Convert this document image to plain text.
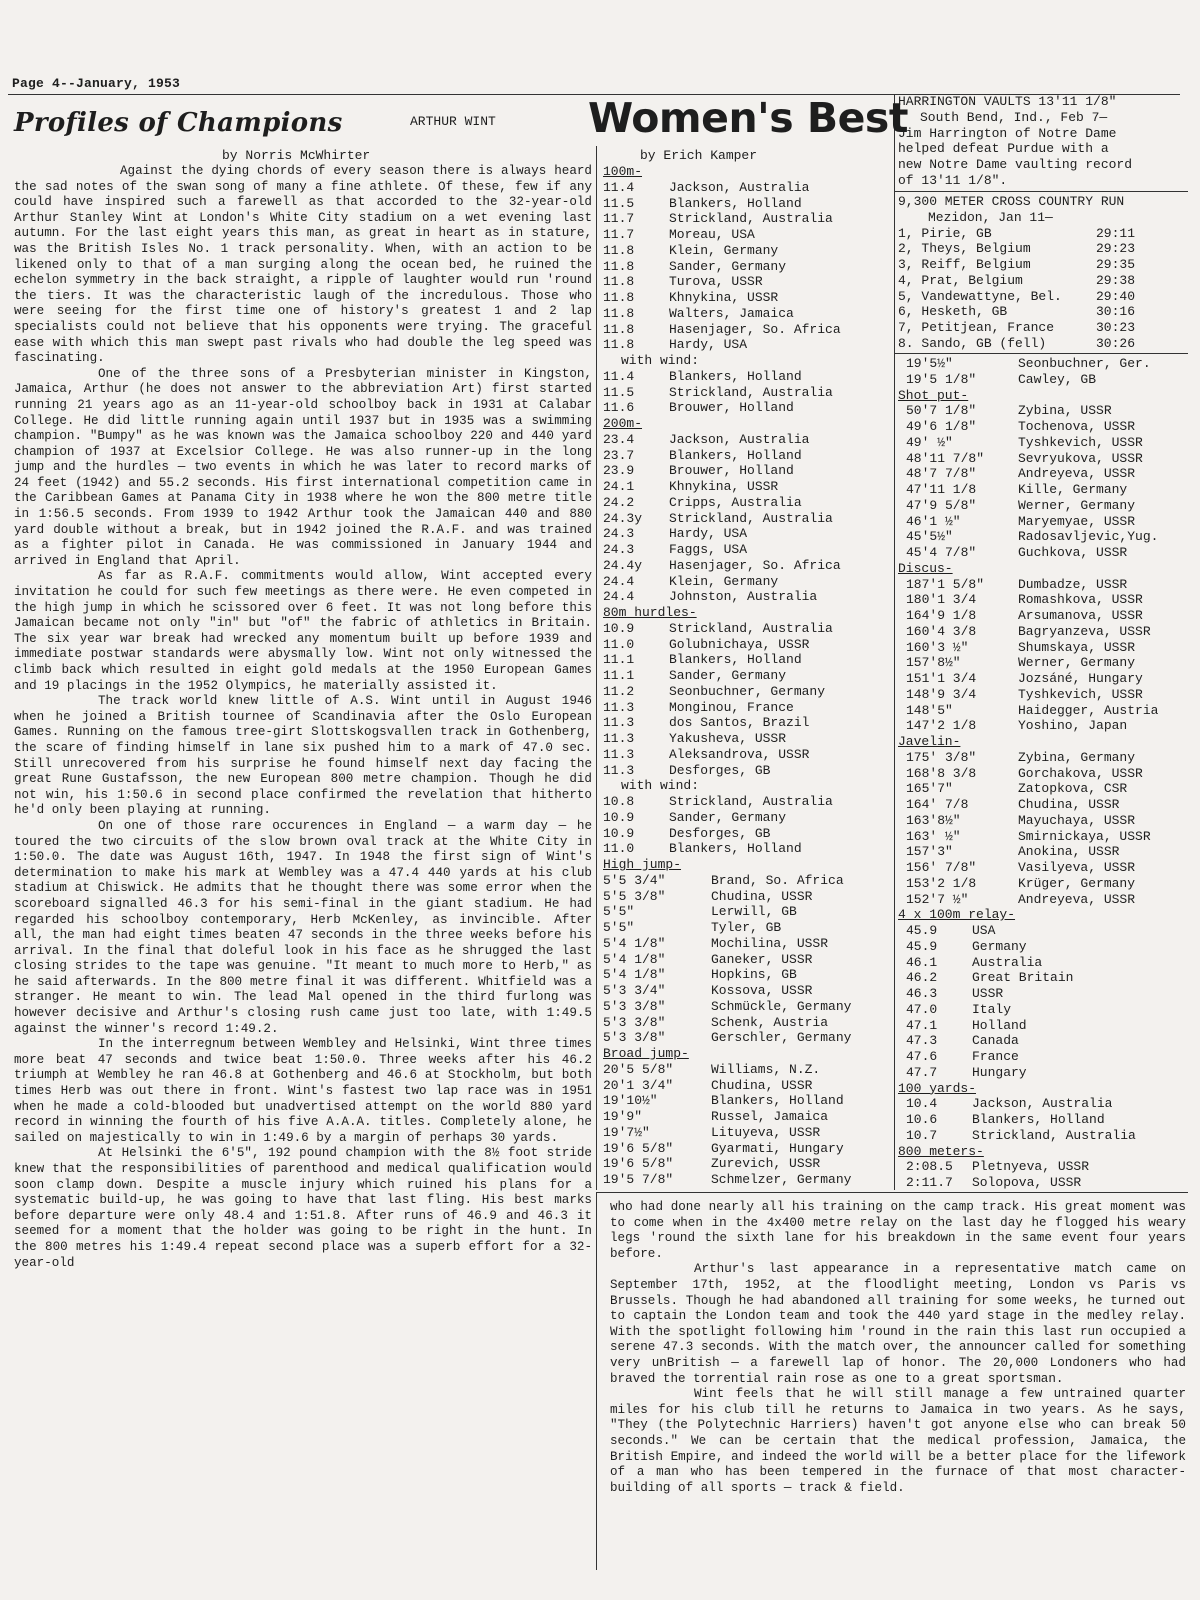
Page 4--January, 1953
Profiles of Champions	ARTHUR WINT
by Norris McWhirter

Against the dying chords of every season there is always heard the sad notes of the swan song of many a fine athlete. Of these, few if any could have inspired such a farewell as that accorded to the 32-year-old Arthur Stanley Wint at London's White City stadium on a wet evening last autumn. For the last eight years this man, as great in heart as in stature, was the British Isles No. 1 track personality. When, with an action to be likened only to that of a man surging along the ocean bed, he ruined the echelon symmetry in the back straight, a ripple of laughter would run 'round the tiers. It was the characteristic laugh of the incredulous. Those who were seeing for the first time one of history's greatest 1 and 2 lap specialists could not believe that his opponents were trying. The graceful ease with which this man swept past rivals who had double the leg speed was fascinating.

One of the three sons of a Presbyterian minister in Kingston, Jamaica, Arthur (he does not answer to the abbreviation Art) first started running 21 years ago as an 11-year-old schoolboy back in 1931 at Calabar College. He did little running again until 1937 but in 1935 was a swimming champion. "Bumpy" as he was known was the Jamaica schoolboy 220 and 440 yard champion of 1937 at Excelsior College. He was also runner-up in the long jump and the hurdles — two events in which he was later to record marks of 24 feet (1942) and 55.2 seconds. His first international competition came in the Caribbean Games at Panama City in 1938 where he won the 800 metre title in 1:56.5 seconds. From 1939 to 1942 Arthur took the Jamaican 440 and 880 yard double without a break, but in 1942 joined the R.A.F. and was trained as a fighter pilot in Canada. He was commissioned in January 1944 and arrived in England that April.

As far as R.A.F. commitments would allow, Wint accepted every invitation he could for such few meetings as there were. He even competed in the high jump in which he scissored over 6 feet. It was not long before this Jamaican became not only "in" but "of" the fabric of athletics in Britain. The six year war break had wrecked any momentum built up before 1939 and immediate postwar standards were abysmally low. Wint not only witnessed the climb back which resulted in eight gold medals at the 1950 European Games and 19 placings in the 1952 Olympics, he materially assisted it.

The track world knew little of A.S. Wint until in August 1946 when he joined a British tournee of Scandinavia after the Oslo European Games. Running on the famous tree-girt Slottskogsvallen track in Gothenberg, the scare of finding himself in lane six pushed him to a mark of 47.0 sec. Still unrecovered from his surprise he found himself next day facing the great Rune Gustafsson, the new European 800 metre champion. Though he did not win, his 1:50.6 in second place confirmed the revelation that hitherto he'd only been playing at running.

On one of those rare occurences in England — a warm day — he toured the two circuits of the slow brown oval track at the White City in 1:50.0. The date was August 16th, 1947. In 1948 the first sign of Wint's determination to make his mark at Wembley was a 47.4 440 yards at his club stadium at Chiswick. He admits that he thought there was some error when the scoreboard signalled 46.3 for his semi-final in the giant stadium. He had regarded his schoolboy contemporary, Herb McKenley, as invincible. After all, the man had eight times beaten 47 seconds in the three weeks before his arrival. In the final that doleful look in his face as he shrugged the last closing strides to the tape was genuine. "It meant to much more to Herb," as he said afterwards. In the 800 metre final it was different. Whitfield was a stranger. He meant to win. The lead Mal opened in the third furlong was however decisive and Arthur's closing rush came just too late, with 1:49.5 against the winner's record 1:49.2.

In the interregnum between Wembley and Helsinki, Wint three times more beat 47 seconds and twice beat 1:50.0. Three weeks after his 46.2 triumph at Wembley he ran 46.8 at Gothenberg and 46.6 at Stockholm, but both times Herb was out there in front. Wint's fastest two lap race was in 1951 when he made a cold-blooded but unadvertised attempt on the world 880 yard record in winning the fourth of his five A.A.A. titles. Completely alone, he sailed on majestically to win in 1:49.6 by a margin of perhaps 30 yards.

At Helsinki the 6'5", 192 pound champion with the 8½ foot stride knew that the responsibilities of parenthood and medical qualification would soon clamp down. Despite a muscle injury which ruined his plans for a systematic build-up, he was going to have that last fling. His best marks before departure were only 48.4 and 1:51.8. After runs of 46.9 and 46.3 it seemed for a moment that the holder was going to be right in the hunt. In the 800 metres his 1:49.4 repeat second place was a superb effort for a 32-year-old

Women's Best
by Erich Kamper
100m-
11.4	Jackson, Australia
11.5	Blankers, Holland
11.7	Strickland, Australia
11.7	Moreau, USA
11.8	Klein, Germany
11.8	Sander, Germany
11.8	Turova, USSR
11.8	Khnykina, USSR
11.8	Walters, Jamaica
11.8	Hasenjager, So. Africa
11.8	Hardy, USA
with wind:
11.4	Blankers, Holland
11.5	Strickland, Australia
11.6	Brouwer, Holland
200m-
23.4	Jackson, Australia
23.7	Blankers, Holland
23.9	Brouwer, Holland
24.1	Khnykina, USSR
24.2	Cripps, Australia
24.3y Strickland, Australia
24.3	Hardy, USA
24.3	Faggs, USA
24.4y Hasenjager, So. Africa
24.4	Klein, Germany
24.4	Johnston, Australia
80m hurdles-
10.9	Strickland, Australia
11.0	Golubnichaya, USSR
11.1	Blankers, Holland
11.1	Sander, Germany
11.2	Seonbuchner, Germany
11.3	Monginou, France
11.3	dos Santos, Brazil
11.3	Yakusheva, USSR
11.3	Aleksandrova, USSR
11.3	Desforges, GB
with wind:
10.8	Strickland, Australia
10.9	Sander, Germany
10.9	Desforges, GB
11.0	Blankers, Holland
High jump-
5'5 3/4"	Brand, So. Africa
5'5 3/8"	Chudina, USSR
5'5"	Lerwill, GB
5'5"	Tyler, GB
5'4 1/8"	Mochilina, USSR
5'4 1/8"	Ganeker, USSR
5'4 1/8"	Hopkins, GB
5'3 3/4"	Kossova, USSR
5'3 3/8"	Schmückle, Germany
5'3 3/8"	Schenk, Austria
5'3 3/8"	Gerschler, Germany
Broad jump-
20'5 5/8"	Williams, N.Z.
20'1 3/4"	Chudina, USSR
19'10½"	Blankers, Holland
19'9"	Russel, Jamaica
19'7½"	Lituyeva, USSR
19'6 5/8"	Gyarmati, Hungary
19'6 5/8"	Zurevich, USSR
19'5 7/8"	Schmelzer, Germany
HARRINGTON VAULTS 13'11 1/8"
South Bend, Ind., Feb 7—
Jim Harrington of Notre Dame
helped defeat Purdue with a
new Notre Dame vaulting record
of 13'11 1/8".
9,300 METER CROSS COUNTRY RUN
Mezidon, Jan 11—
1, Pirie, GB	29:11
2, Theys, Belgium	29:23
3, Reiff, Belgium	29:35
4, Prat, Belgium	29:38
5, Vandewattyne, Bel.	29:40
6, Hesketh, GB	30:16
7, Petitjean, France	30:23
8. Sando, GB (fell)	30:26
19'5½"	Seonbuchner, Ger.
19'5 1/8"	Cawley, GB
Shot put-
50'7 1/8"	Zybina, USSR
49'6 1/8"	Tochenova, USSR
49' ½"	Tyshkevich, USSR
48'11 7/8"	Sevryukova, USSR
48'7 7/8"	Andreyeva, USSR
47'11 1/8	Kille, Germany
47'9 5/8"	Werner, Germany
46'1 ½"	Maryemyae, USSR
45'5½"	Radosavljevic,Yug.
45'4 7/8"	Guchkova, USSR
Discus-
187'1 5/8"	Dumbadze, USSR
180'1 3/4	Romashkova, USSR
164'9 1/8	Arsumanova, USSR
160'4 3/8	Bagryanzeva, USSR
160'3 ½"	Shumskaya, USSR
157'8½"	Werner, Germany
151'1 3/4	Jozsáné, Hungary
148'9 3/4	Tyshkevich, USSR
148'5"	Haidegger, Austria
147'2 1/8	Yoshino, Japan
Javelin-
175' 3/8"	Zybina, Germany
168'8 3/8	Gorchakova, USSR
165'7"	Zatopkova, CSR
164' 7/8	Chudina, USSR
163'8½"	Mayuchaya, USSR
163' ½"	Smirnickaya, USSR
157'3"	Anokina, USSR
156' 7/8"	Vasilyeva, USSR
153'2 1/8	Krüger, Germany
152'7 ½"	Andreyeva, USSR
4 x 100m relay-
45.9	USA
45.9	Germany
46.1	Australia
46.2	Great Britain
46.3	USSR
47.0	Italy
47.1	Holland
47.3	Canada
47.6	France
47.7	Hungary
100 yards-
10.4	Jackson, Australia
10.6	Blankers, Holland
10.7	Strickland, Australia
800 meters-
2:08.5 Pletnyeva, USSR
2:11.7 Solopova, USSR

who had done nearly all his training on the camp track. His great moment was to come when in the 4x400 metre relay on the last day he flogged his weary legs 'round the sixth lane for his breakdown in the same event four years before.

Arthur's last appearance in a representative match came on September 17th, 1952, at the floodlight meeting, London vs Paris vs Brussels. Though he had abandoned all training for some weeks, he turned out to captain the London team and took the 440 yard stage in the medley relay. With the spotlight following him 'round in the rain this last run occupied a serene 47.3 seconds. With the match over, the announcer called for something very unBritish — a farewell lap of honor. The 20,000 Londoners who had braved the torrential rain rose as one to a great sportsman.

Wint feels that he will still manage a few untrained quarter miles for his club till he returns to Jamaica in two years. As he says, "They (the Polytechnic Harriers) haven't got anyone else who can break 50 seconds." We can be certain that the medical profession, Jamaica, the British Empire, and indeed the world will be a better place for the lifework of a man who has been tempered in the furnace of that most character-building of all sports — track & field.
